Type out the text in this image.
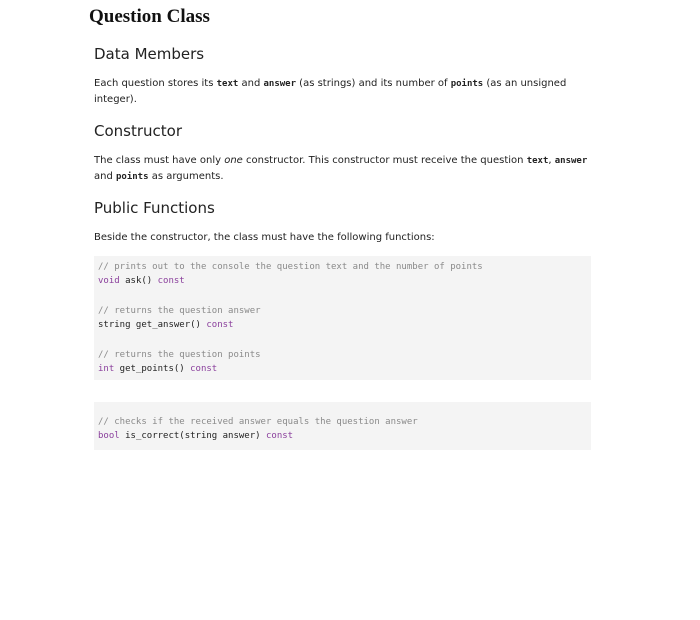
Question Class
Data Members

Each question stores its text and answer (as strings) and its number of points (as an unsigned integer).

Constructor

The class must have only one constructor. This constructor must receive the question text, answer and points as arguments.

Public Functions

Beside the constructor, the class must have the following functions:

// prints out to the console the question text and the number of points
void ask() const
// returns the question answer
string get_answer() const
// returns the question points
int get_points() const
// checks if the received answer equals the question answer
bool is_correct(string answer) const
